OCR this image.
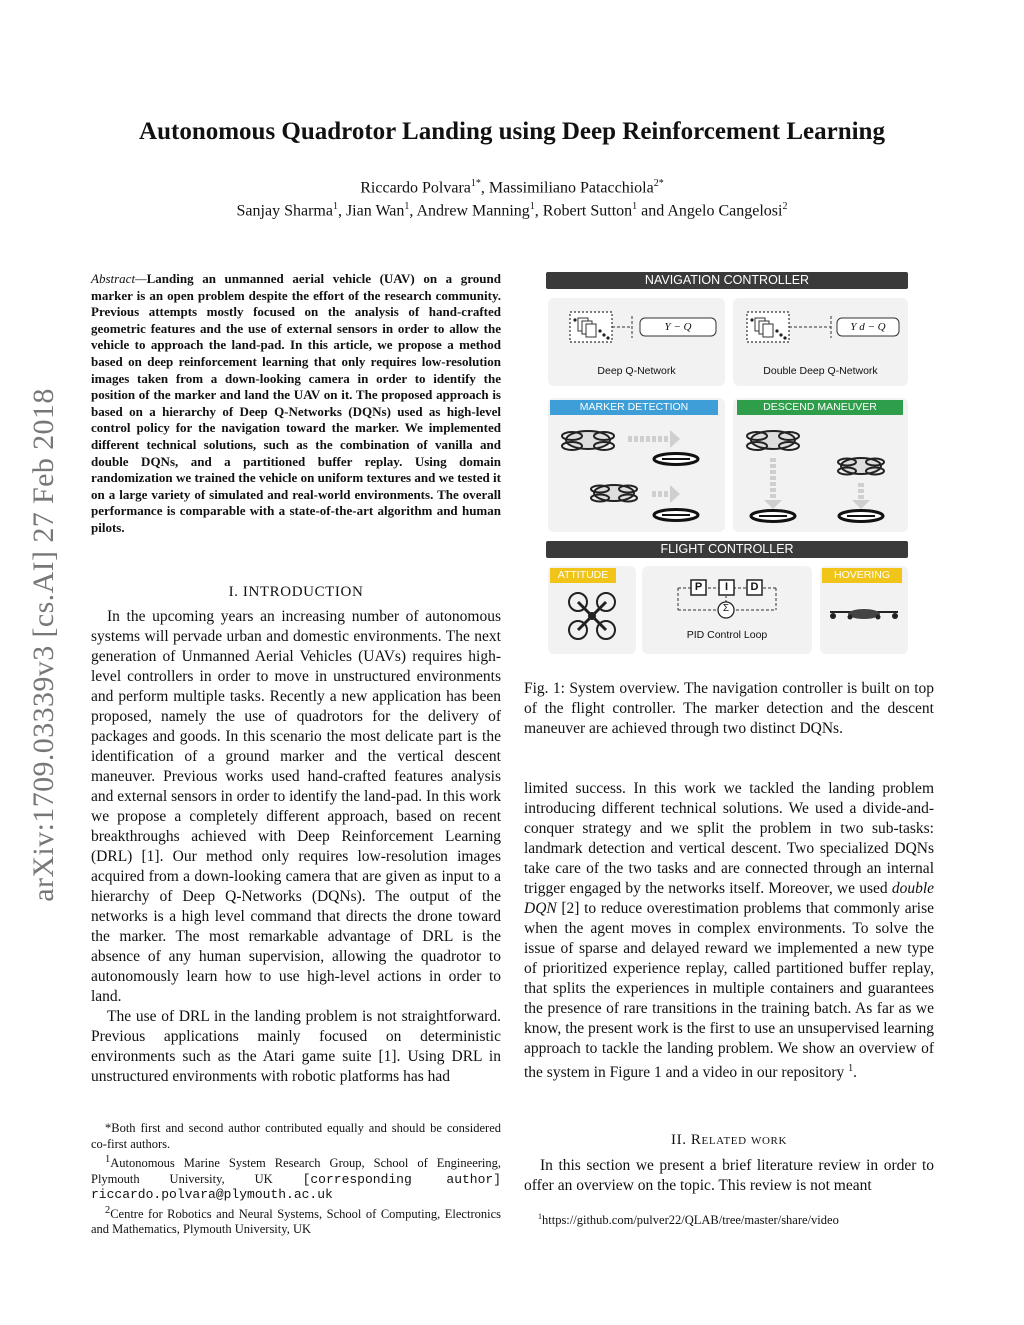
arXiv:1709.03339v3 [cs.AI] 27 Feb 2018
Autonomous Quadrotor Landing using Deep Reinforcement Learning
Riccardo Polvara$^{1*}$, Massimiliano Patacchiola$^{2*}$
Sanjay Sharma$^1$, Jian Wan$^1$, Andrew Manning$^1$, Robert Sutton$^1$ and Angelo Cangelosi$^2$
Abstract—Landing an unmanned aerial vehicle (UAV) on a ground marker is an open problem despite the effort of the research community. Previous attempts mostly focused on the analysis of hand-crafted geometric features and the use of external sensors in order to allow the vehicle to approach the land-pad. In this article, we propose a method based on deep reinforcement learning that only requires low-resolution images taken from a down-looking camera in order to identify the position of the marker and land the UAV on it. The proposed approach is based on a hierarchy of Deep Q-Networks (DQNs) used as high-level control policy for the navigation toward the marker. We implemented different technical solutions, such as the combination of vanilla and double DQNs, and a partitioned buffer replay. Using domain randomization we trained the vehicle on uniform textures and we tested it on a large variety of simulated and real-world environments. The overall performance is comparable with a state-of-the-art algorithm and human pilots.
I. INTRODUCTION

In the upcoming years an increasing number of autonomous systems will pervade urban and domestic environments. The next generation of Unmanned Aerial Vehicles (UAVs) requires high-level controllers in order to move in unstructured environments and perform multiple tasks. Recently a new application has been proposed, namely the use of quadrotors for the delivery of packages and goods. In this scenario the most delicate part is the identification of a ground marker and the vertical descent maneuver. Previous works used hand-crafted features analysis and external sensors in order to identify the land-pad. In this work we propose a completely different approach, based on recent breakthroughs achieved with Deep Reinforcement Learning (DRL) [1]. Our method only requires low-resolution images acquired from a down-looking camera that are given as input to a hierarchy of Deep Q-Networks (DQNs). The output of the networks is a high level command that directs the drone toward the marker. The most remarkable advantage of DRL is the absence of any human supervision, allowing the quadrotor to autonomously learn how to use high-level actions in order to land.

The use of DRL in the landing problem is not straightforward. Previous applications mainly focused on deterministic environments such as the Atari game suite [1]. Using DRL in unstructured environments with robotic platforms has had

*Both first and second author contributed equally and should be considered co-first authors.

$^1$Autonomous Marine System Research Group, School of Engineering, Plymouth University, UK [corresponding author] riccardo.polvara@plymouth.ac.uk

$^2$Centre for Robotics and Neural Systems, School of Computing, Electronics and Mathematics, Plymouth University, UK

NAVIGATION CONTROLLER
Y − Q
Deep Q-Network
Y d − Q
Double Deep Q-Network
MARKER DETECTION	DESCEND MANEUVER
FLIGHT CONTROLLER
ATTITUDE
P	I	D
Σ
PID Control Loop
HOVERING
Fig. 1: System overview. The navigation controller is built on top of the flight controller. The marker detection and the descent maneuver are achieved through two distinct DQNs.

limited success. In this work we tackled the landing problem introducing different technical solutions. We used a divide-and-conquer strategy and we split the problem in two sub-tasks: landmark detection and vertical descent. Two specialized DQNs take care of the two tasks and are connected through an internal trigger engaged by the networks itself. Moreover, we used double DQN [2] to reduce overestimation problems that commonly arise when the agent moves in complex environments. To solve the issue of sparse and delayed reward we implemented a new type of prioritized experience replay, called partitioned buffer replay, that splits the experiences in multiple containers and guarantees the presence of rare transitions in the training batch. As far as we know, the present work is the first to use an unsupervised learning approach to tackle the landing problem. We show an overview of the system in Figure 1 and a video in our repository $^1$.

II. Related work

In this section we present a brief literature review in order to offer an overview on the topic. This review is not meant

$^1$https://github.com/pulver22/QLAB/tree/master/share/video
